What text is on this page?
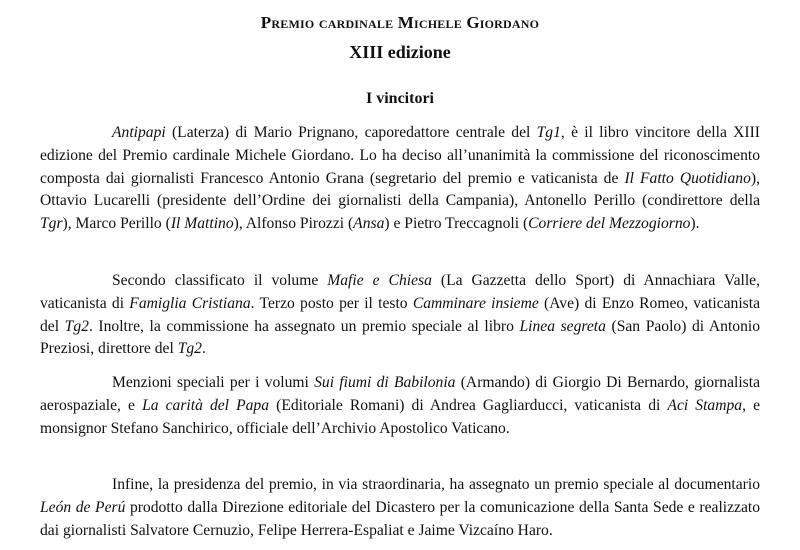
Premio cardinale Michele Giordano
XIII edizione
I vincitori

Antipapi (Laterza) di Mario Prignano, caporedattore centrale del Tg1, è il libro vincitore della XIII edizione del Premio cardinale Michele Giordano. Lo ha deciso all’unanimità la commissione del riconoscimento composta dai giornalisti Francesco Antonio Grana (segretario del premio e vaticanista de Il Fatto Quotidiano), Ottavio Lucarelli (presidente dell’Ordine dei giornalisti della Campania), Antonello Perillo (condirettore della Tgr), Marco Perillo (Il Mattino), Alfonso Pirozzi (Ansa) e Pietro Treccagnoli (Corriere del Mezzogiorno).

Secondo classificato il volume Mafie e Chiesa (La Gazzetta dello Sport) di Annachiara Valle, vaticanista di Famiglia Cristiana. Terzo posto per il testo Camminare insieme (Ave) di Enzo Romeo, vaticanista del Tg2. Inoltre, la commissione ha assegnato un premio speciale al libro Linea segreta (San Paolo) di Antonio Preziosi, direttore del Tg2.

Menzioni speciali per i volumi Sui fiumi di Babilonia (Armando) di Giorgio Di Bernardo, giornalista aerospaziale, e La carità del Papa (Editoriale Romani) di Andrea Gagliarducci, vaticanista di Aci Stampa, e monsignor Stefano Sanchirico, officiale dell’Archivio Apostolico Vaticano.

Infine, la presidenza del premio, in via straordinaria, ha assegnato un premio speciale al documentario León de Perú prodotto dalla Direzione editoriale del Dicastero per la comunicazione della Santa Sede e realizzato dai giornalisti Salvatore Cernuzio, Felipe Herrera-Espaliat e Jaime Vizcaíno Haro.
